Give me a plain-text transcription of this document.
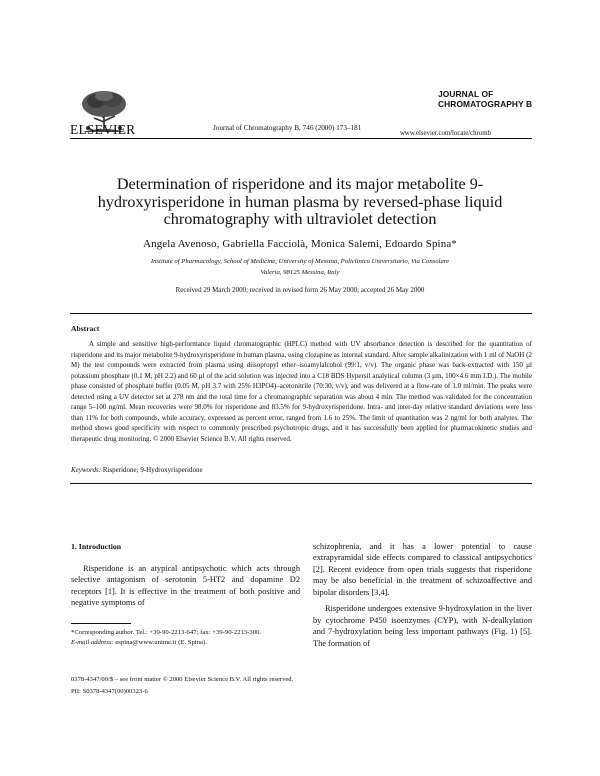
ELSEVIER	Journal of Chromatography B, 746 (2000) 173–181
JOURNAL OF
CHROMATOGRAPHY B
www.elsevier.com/locate/chromb
Determination of risperidone and its major metabolite 9-hydroxyrisperidone in human plasma by reversed-phase liquid chromatography with ultraviolet detection
Angela Avenoso, Gabriella Facciolà, Monica Salemi, Edoardo Spina*
Institute of Pharmacology, School of Medicine, University of Messina, Policlinico Universitario, Via Consolare Valeria, 98125 Messina, Italy
Received 29 March 2000; received in revised form 26 May 2000; accepted 26 May 2000
Abstract
A simple and sensitive high-performance liquid chromatographic (HPLC) method with UV absorbance detection is described for the quantitation of risperidone and its major metabolite 9-hydroxyrisperidone in human plasma, using clozapine as internal standard. After sample alkalinization with 1 ml of NaOH (2 M) the test compounds were extracted from plasma using diisopropyl ether–isoamylalcohol (99:1, v/v). The organic phase was back-extracted with 150 µl potassium phosphate (0.1 M, pH 2.2) and 60 µl of the acid solution was injected into a C18 BDS Hypersil analytical column (3 µm, 100×4.6 mm I.D.). The mobile phase consisted of phosphate buffer (0.05 M, pH 3.7 with 25% H3PO4)–acetonitrile (70:30, v/v), and was delivered at a flow-rate of 1.0 ml/min. The peaks were detected using a UV detector set at 278 nm and the total time for a chromatographic separation was about 4 min. The method was validated for the concentration range 5–100 ng/ml. Mean recoveries were 98.0% for risperidone and 83.5% for 9-hydroxyrisperidone. Intra- and inter-day relative standard deviations were less than 11% for both compounds, while accuracy, expressed as percent error, ranged from 1.6 to 25%. The limit of quantitation was 2 ng/ml for both analytes. The method shows good specificity with respect to commonly prescribed psychotropic drugs, and it has successfully been applied for pharmacokinetic studies and therapeutic drug monitoring. © 2000 Elsevier Science B.V. All rights reserved.
Keywords: Risperidone; 9-Hydroxyrisperidone
1. Introduction

Risperidone is an atypical antipsychotic which acts through selective antagonism of serotonin 5-HT2 and dopamine D2 receptors [1]. It is effective in the treatment of both positive and negative symptoms of

schizophrenia, and it has a lower potential to cause extrapyramidal side effects compared to classical antipsychotics [2]. Recent evidence from open trials suggests that risperidone may be also beneficial in the treatment of schizoaffective and bipolar disorders [3,4].

Risperidone undergoes extensive 9-hydroxylation in the liver by cytochrome P450 isoenzymes (CYP), with N-dealkylation and 7-hydroxylation being less important pathways (Fig. 1) [5]. The formation of

*Corresponding author. Tel.: +39-90-2213-647; fax: +39-90-2213-300.
E-mail address: espina@www.unime.it (E. Spina).
0378-4347/00/$ – see front matter © 2000 Elsevier Science B.V. All rights reserved.
PII: S0378-4347(00)00323-6
